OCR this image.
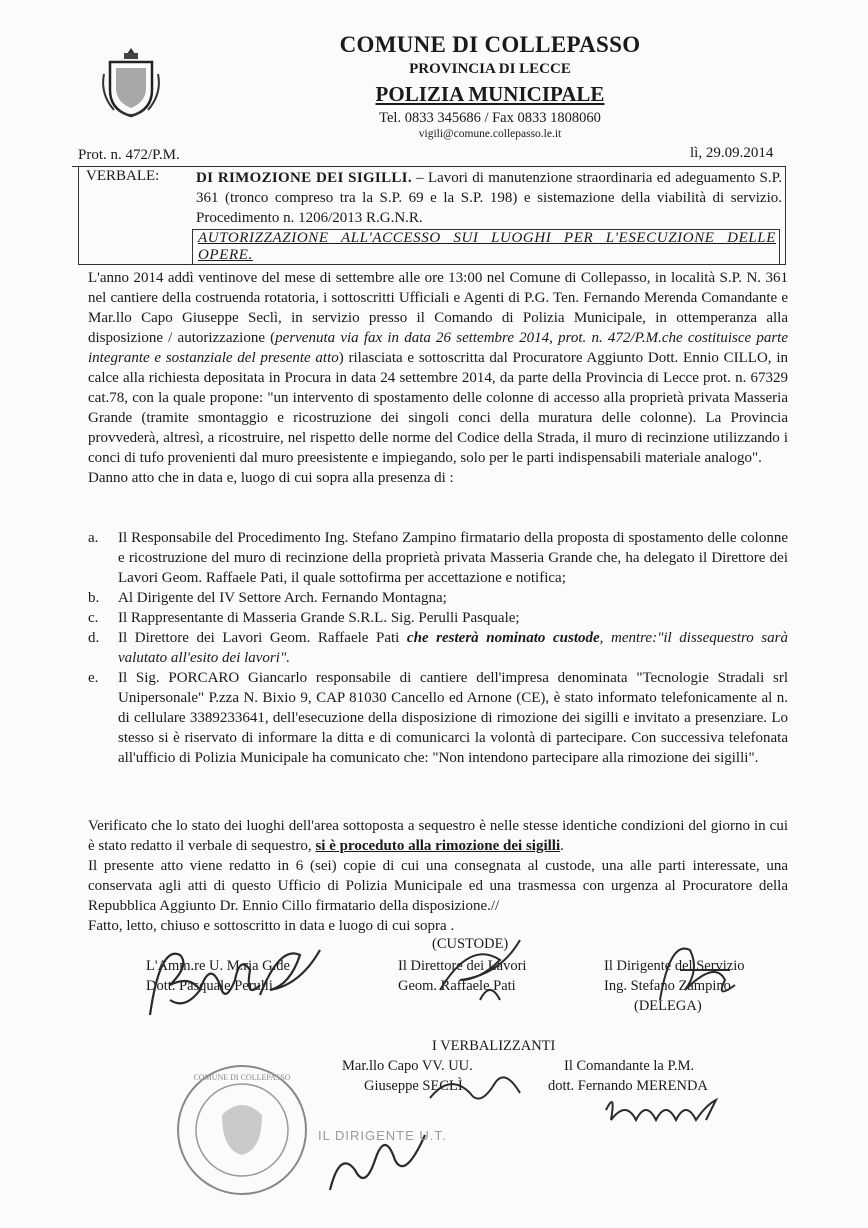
COMUNE DI COLLEPASSO
PROVINCIA DI LECCE
POLIZIA MUNICIPALE
Tel. 0833 345686 / Fax 0833 1808060
vigili@comune.collepasso.le.it
Prot. n. 472/P.M.	lì, 29.09.2014
VERBALE: DI RIMOZIONE DEI SIGILLI. – Lavori di manutenzione straordinaria ed adeguamento S.P. 361 (tronco compreso tra la S.P. 69 e la S.P. 198) e sistemazione della viabilità di servizio. Procedimento n. 1206/2013 R.G.N.R.
AUTORIZZAZIONE ALL'ACCESSO SUI LUOGHI PER L'ESECUZIONE DELLE OPERE.

L'anno 2014 addì ventinove del mese di settembre alle ore 13:00 nel Comune di Collepasso, in località S.P. N. 361 nel cantiere della costruenda rotatoria, i sottoscritti Ufficiali e Agenti di P.G. Ten. Fernando Merenda Comandante e Mar.llo Capo Giuseppe Seclì, in servizio presso il Comando di Polizia Municipale, in ottemperanza alla disposizione / autorizzazione (pervenuta via fax in data 26 settembre 2014, prot. n. 472/P.M.che costituisce parte integrante e sostanziale del presente atto) rilasciata e sottoscritta dal Procuratore Aggiunto Dott. Ennio CILLO, in calce alla richiesta depositata in Procura in data 24 settembre 2014, da parte della Provincia di Lecce prot. n. 67329 cat.78, con la quale propone: "un intervento di spostamento delle colonne di accesso alla proprietà privata Masseria Grande (tramite smontaggio e ricostruzione dei singoli conci della muratura delle colonne). La Provincia provvederà, altresì, a ricostruire, nel rispetto delle norme del Codice della Strada, il muro di recinzione utilizzando i conci di tufo provenienti dal muro preesistente e impiegando, solo per le parti indispensabili materiale analogo".

Danno atto che in data e, luogo di cui sopra alla presenza di :

a. Il Responsabile del Procedimento Ing. Stefano Zampino firmatario della proposta di spostamento delle colonne e ricostruzione del muro di recinzione della proprietà privata Masseria Grande che, ha delegato il Direttore dei Lavori Geom. Raffaele Pati, il quale sottofirma per accettazione e notifica;
b. Al Dirigente del IV Settore Arch. Fernando Montagna;
c. Il Rappresentante di Masseria Grande S.R.L. Sig. Perulli Pasquale;
d. Il Direttore dei Lavori Geom. Raffaele Pati che resterà nominato custode, mentre:"il dissequestro sarà valutato all'esito dei lavori".
e. Il Sig. PORCARO Giancarlo responsabile di cantiere dell'impresa denominata "Tecnologie Stradali srl Unipersonale" P.zza N. Bixio 9, CAP 81030 Cancello ed Arnone (CE), è stato informato telefonicamente al n. di cellulare 3389233641, dell'esecuzione della disposizione di rimozione dei sigilli e invitato a presenziare. Lo stesso si è riservato di informare la ditta e di comunicarci la volontà di partecipare. Con successiva telefonata all'ufficio di Polizia Municipale ha comunicato che: "Non intendono partecipare alla rimozione dei sigilli".

Verificato che lo stato dei luoghi dell'area sottoposta a sequestro è nelle stesse identiche condizioni del giorno in cui è stato redatto il verbale di sequestro, si è proceduto alla rimozione dei sigilli.

Il presente atto viene redatto in 6 (sei) copie di cui una consegnata al custode, una alle parti interessate, una conservata agli atti di questo Ufficio di Polizia Municipale ed una trasmessa con urgenza al Procuratore della Repubblica Aggiunto Dr. Ennio Cillo firmatario della disposizione.//

Fatto, letto, chiuso e sottoscritto in data e luogo di cui sopra .

(CUSTODE)
L'Amm.re U. M.ria G.de
Dott. Pasquale Perulli
Il Direttore dei Lavori
Geom. Raffaele Pati
Il Dirigente del Servizio
Ing. Stefano Zampino
(DELEGA)
I VERBALIZZANTI
Mar.llo Capo VV. UU.
Giuseppe SECLÌ
Il Comandante la P.M.
dott. Fernando MERENDA
COMUNE DI COLLEPASSO
IL DIRIGENTE U.T.
